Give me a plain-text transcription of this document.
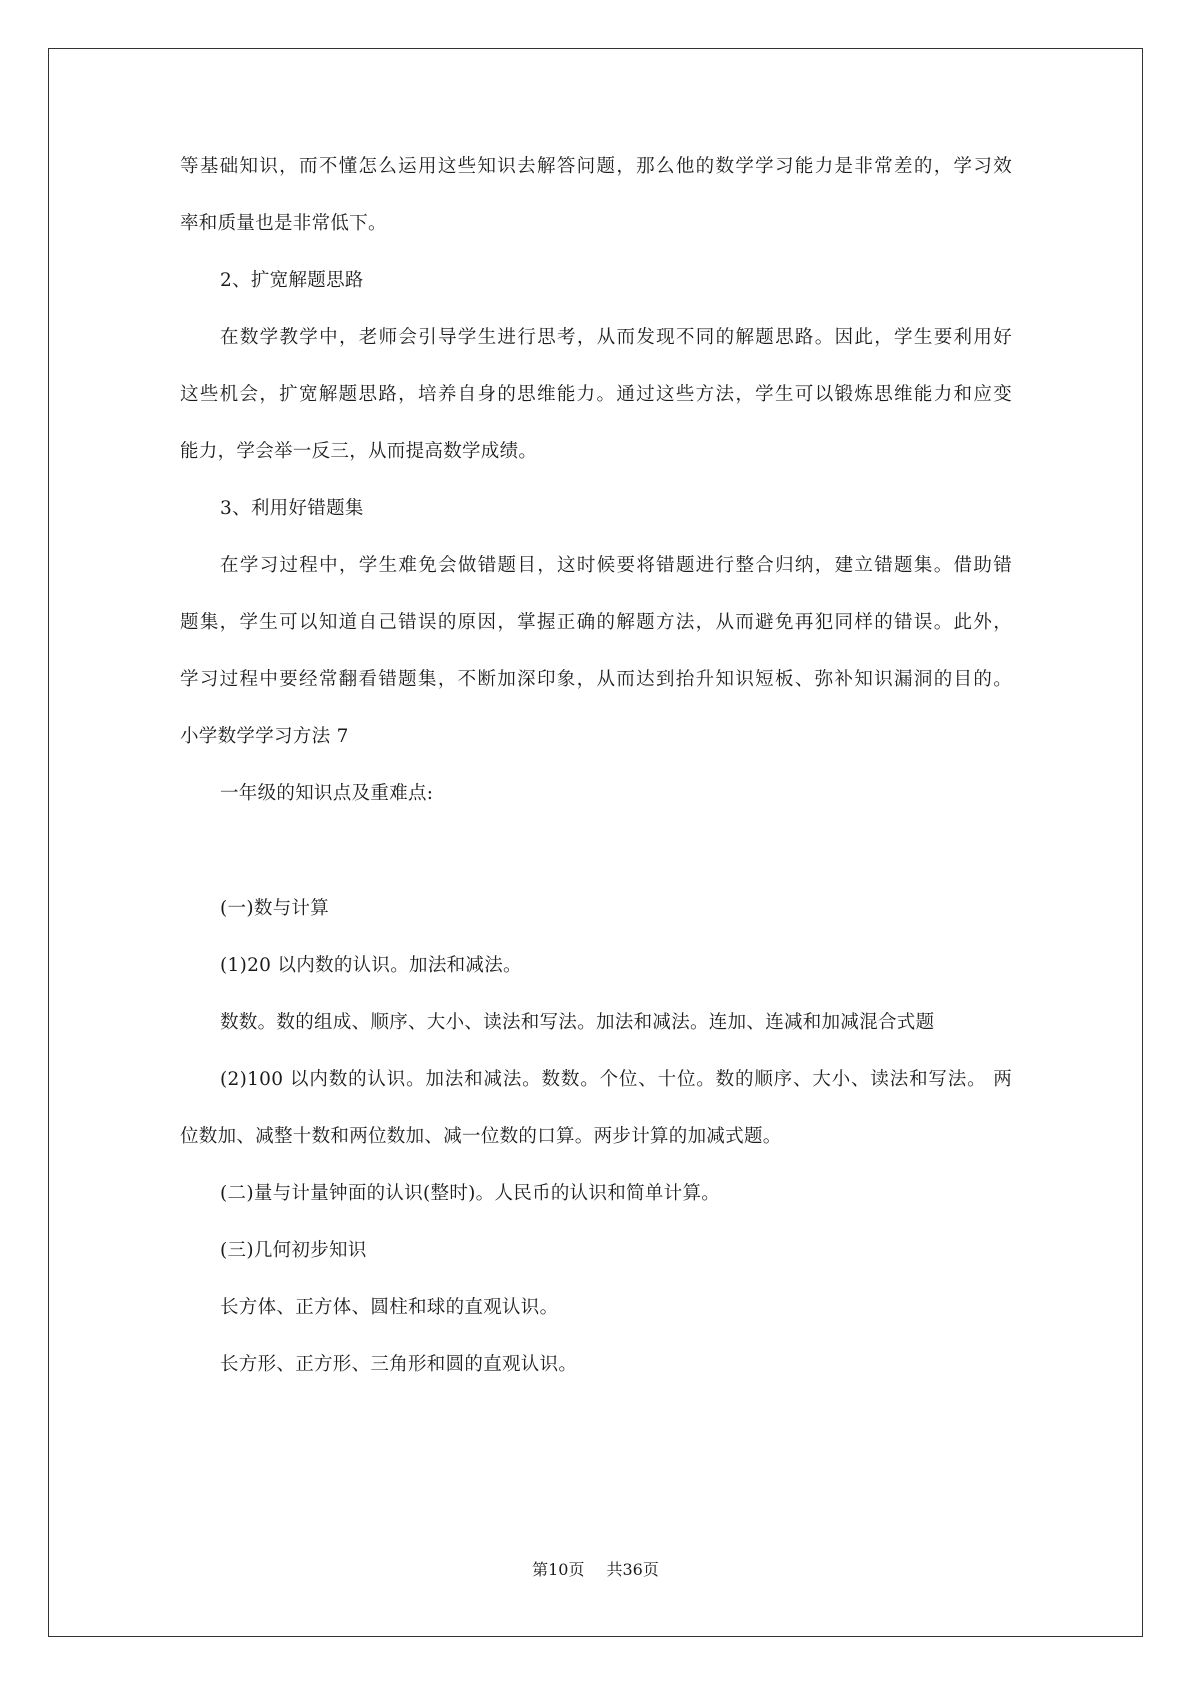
等基础知识，而不懂怎么运用这些知识去解答问题，那么他的数学学习能力是非常差的，学习效
率和质量也是非常低下。
2、扩宽解题思路
在数学教学中，老师会引导学生进行思考，从而发现不同的解题思路。因此，学生要利用好
这些机会，扩宽解题思路，培养自身的思维能力。通过这些方法，学生可以锻炼思维能力和应变
能力，学会举一反三，从而提高数学成绩。
3、利用好错题集
在学习过程中，学生难免会做错题目，这时候要将错题进行整合归纳，建立错题集。借助错
题集，学生可以知道自己错误的原因，掌握正确的解题方法，从而避免再犯同样的错误。此外，
学习过程中要经常翻看错题集，不断加深印象，从而达到抬升知识短板、弥补知识漏洞的目的。
小学数学学习方法 7
一年级的知识点及重难点:
(一)数与计算
(1)20 以内数的认识。加法和减法。
数数。数的组成、顺序、大小、读法和写法。加法和减法。连加、连减和加减混合式题
(2)100 以内数的认识。加法和减法。数数。个位、十位。数的顺序、大小、读法和写法。 两
位数加、减整十数和两位数加、减一位数的口算。两步计算的加减式题。
(二)量与计量钟面的认识(整时)。人民币的认识和简单计算。
(三)几何初步知识
长方体、正方体、圆柱和球的直观认识。
长方形、正方形、三角形和圆的直观认识。
第10页 共36页
